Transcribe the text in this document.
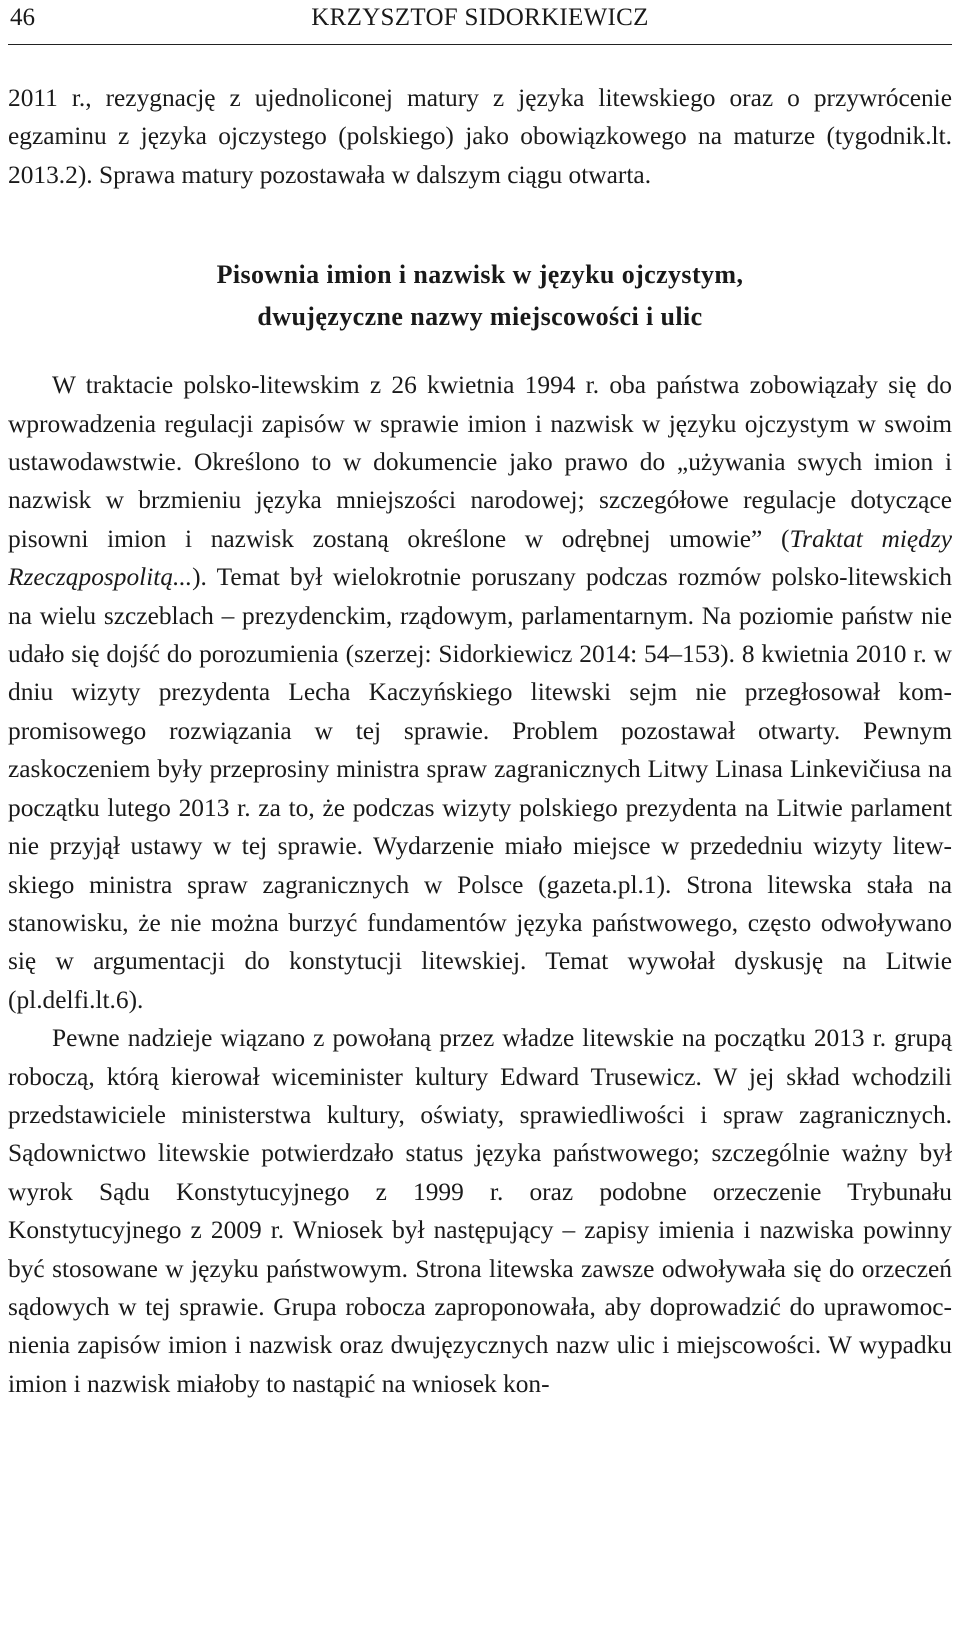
46	KRZYSZTOF SIDORKIEWICZ

2011 r., rezygnację z ujednoliconej matury z języka litewskiego oraz o przywrócenie egzaminu z języka ojczystego (polskiego) jako obowiązkowego na maturze (tygodnik.lt. 2013.2). Sprawa matury pozostawała w dalszym ciągu otwarta.

Pisownia imion i nazwisk w języku ojczystym,
dwujęzyczne nazwy miejscowości i ulic

W traktacie polsko-litewskim z 26 kwietnia 1994 r. oba państwa zobowiązały się do wprowadzenia regulacji zapisów w sprawie imion i nazwisk w języku ojczystym w swoim ustawodawstwie. Określono to w dokumencie jako prawo do „używania swych imion i nazwisk w brzmieniu języka mniejszości narodowej; szczegółowe regulacje dotyczące pisowni imion i nazwisk zostaną określone w odrębnej umowie” (Traktat między Rzecząpospolitą...). Temat był wielokrotnie poruszany podczas rozmów polsko-litewskich na wielu szczeblach – prezydenckim, rządowym, parlamentarnym. Na poziomie państw nie udało się dojść do porozumienia (szerzej: Sidorkiewicz 2014: 54–153). 8 kwietnia 2010 r. w dniu wizyty prezydenta Lecha Kaczyńskiego litewski sejm nie przegłosował kompromisowego rozwiązania w tej sprawie. Problem pozostawał otwarty. Pewnym zaskoczeniem były przeprosiny ministra spraw zagranicznych Litwy Linasa Linkevičiusa na początku lutego 2013 r. za to, że podczas wizyty polskiego prezydenta na Litwie parlament nie przyjął ustawy w tej sprawie. Wydarzenie miało miejsce w przededniu wizyty litewskiego ministra spraw zagranicznych w Polsce (gazeta.pl.1). Strona litewska stała na stanowisku, że nie można burzyć fundamentów języka państwowego, często odwoływano się w argumentacji do konstytucji litewskiej. Temat wywołał dyskusję na Litwie (pl.delfi.lt.6).

Pewne nadzieje wiązano z powołaną przez władze litewskie na początku 2013 r. grupą roboczą, którą kierował wiceminister kultury Edward Trusewicz. W jej skład wchodzili przedstawiciele ministerstwa kultury, oświaty, sprawiedliwości i spraw zagranicznych. Sądownictwo litewskie potwierdzało status języka państwowego; szczególnie ważny był wyrok Sądu Konstytucyjnego z 1999 r. oraz podobne orzeczenie Trybunału Konstytucyjnego z 2009 r. Wniosek był następujący – zapisy imienia i nazwiska powinny być stosowane w języku państwowym. Strona litewska zawsze odwoływała się do orzeczeń sądowych w tej sprawie. Grupa robocza zaproponowała, aby doprowadzić do uprawomocnienia zapisów imion i nazwisk oraz dwujęzycznych nazw ulic i miejscowości. W wypadku imion i nazwisk miałoby to nastąpić na wniosek kon-
